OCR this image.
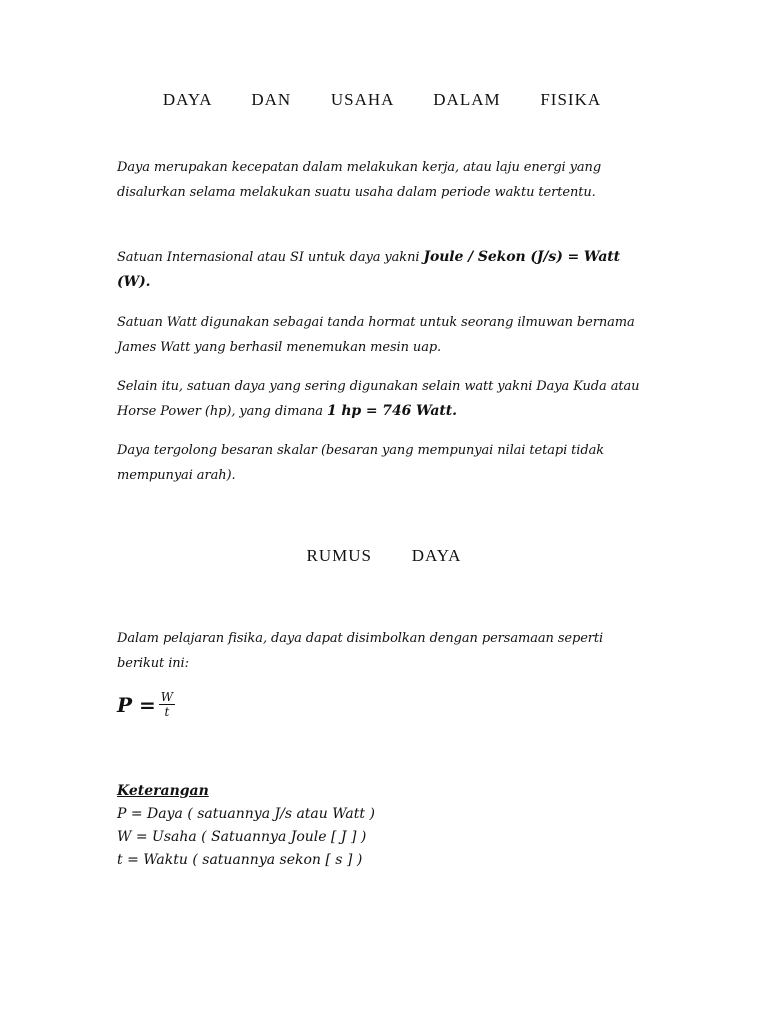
DAYA   DAN   USAHA   DALAM   FISIKA

Daya merupakan kecepatan dalam melakukan kerja, atau laju energi yang disalurkan selama melakukan suatu usaha dalam periode waktu tertentu.

Satuan Internasional atau SI untuk daya yakni Joule / Sekon (J/s) = Watt (W).

Satuan Watt digunakan sebagai tanda hormat untuk seorang ilmuwan bernama James Watt yang berhasil menemukan mesin uap.

Selain itu, satuan daya yang sering digunakan selain watt yakni Daya Kuda atau Horse Power (hp), yang dimana 1 hp = 746 Watt.

Daya tergolong besaran skalar (besaran yang mempunyai nilai tetapi tidak mempunyai arah).

RUMUS   DAYA

Dalam pelajaran fisika, daya dapat disimbolkan dengan persamaan seperti berikut ini:

$P = \frac{W}{t}$
Keterangan
P = Daya ( satuannya J/s atau Watt )
W = Usaha ( Satuannya Joule [ J ] )
t = Waktu ( satuannya sekon [ s ] )
